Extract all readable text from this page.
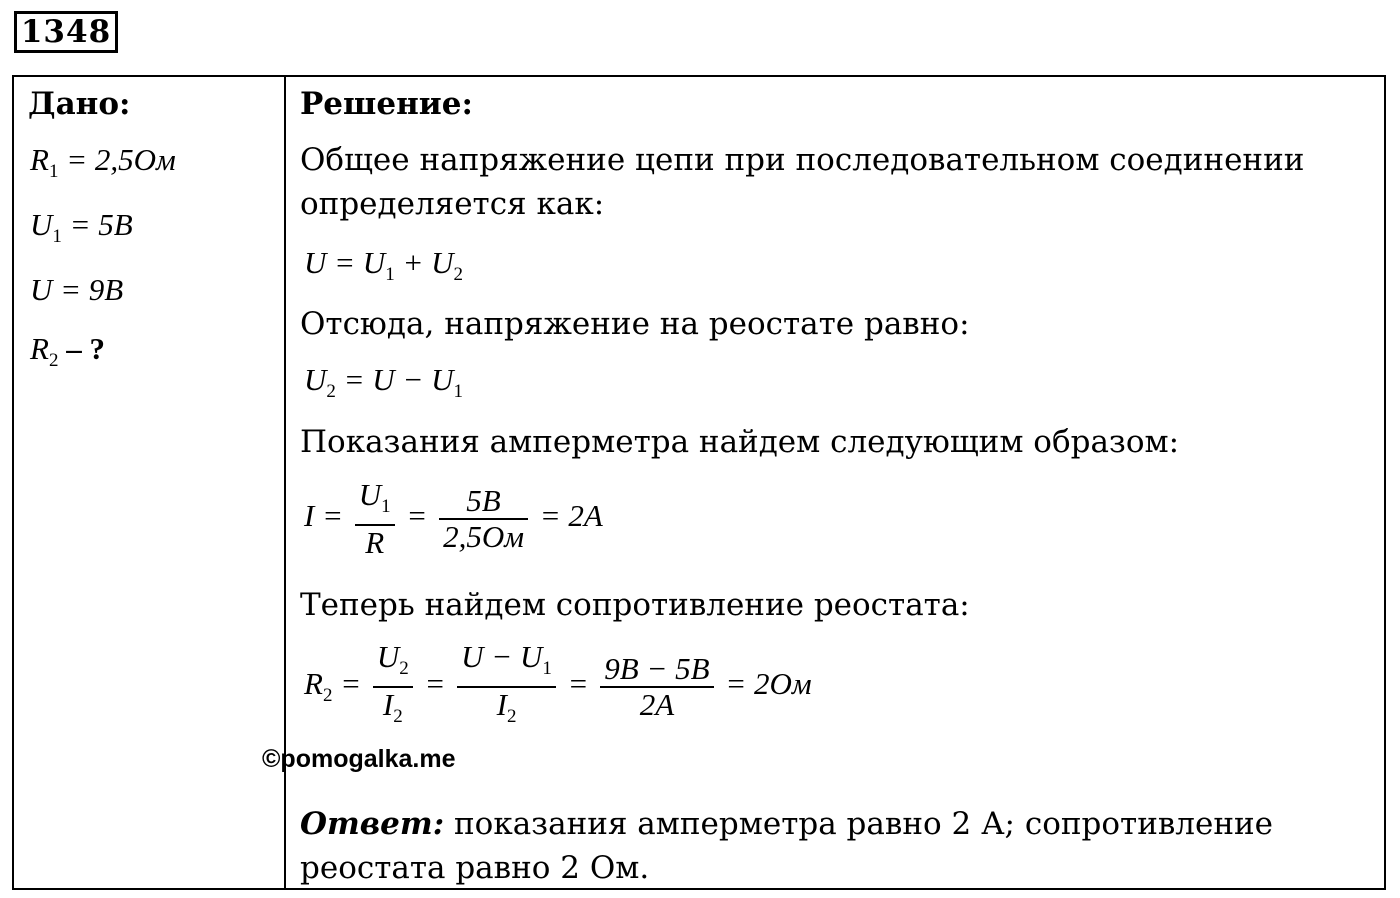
1348
Дано:
$R_1 = 2,5Ом$
$U_1 = 5В$
U = 9В
$R_2$ – ?
Решение:
Общее напряжение цепи при последовательном соединении
определяется как:
$U = U_1 + U_2$
Отсюда, напряжение на реостате равно:
$U_2 = U - U_1$
Показания амперметра найдем следующим образом:
$I = \frac{U_1}{R} = \frac{5В}{2,5Ом} = 2A$
Теперь найдем сопротивление реостата:
$R_2 = \frac{U_2}{I_2} = \frac{U - U_1}{I_2} = \frac{9В - 5В}{2А} = 2Ом$
©pomogalka.me
Ответ: показания амперметра равно 2 А; сопротивление
реостата равно 2 Ом.
